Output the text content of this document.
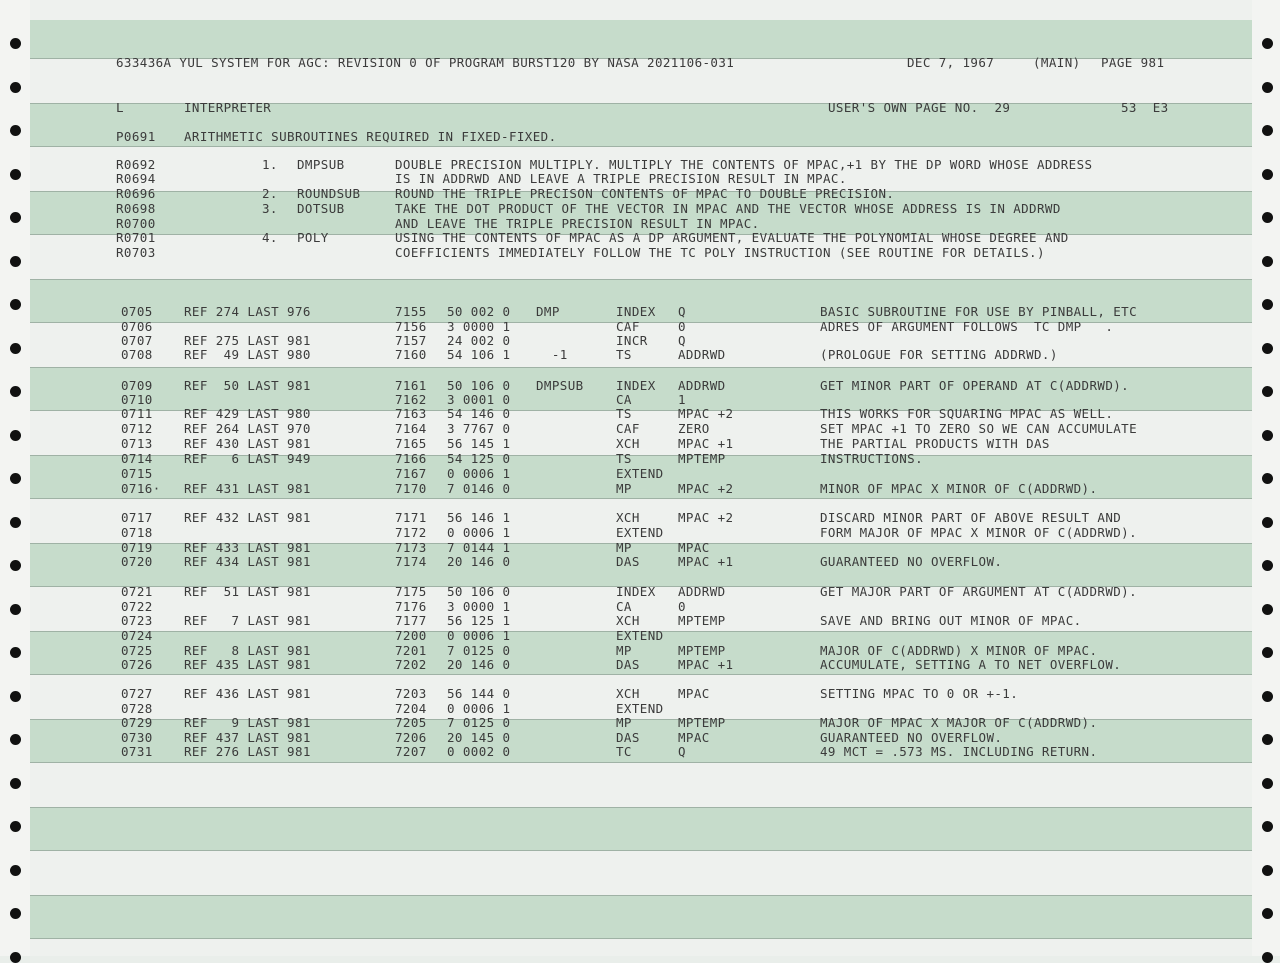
633436A YUL SYSTEM FOR AGC: REVISION 0 OF PROGRAM BURST120 BY NASA 2021106-031	DEC 7, 1967	(MAIN) PAGE 981
L	INTERPRETER	USER'S OWN PAGE NO.  29	53  E3
P0691 ARITHMETIC SUBROUTINES REQUIRED IN FIXED-FIXED.
R0692	1. DMPSUB	DOUBLE PRECISION MULTIPLY. MULTIPLY THE CONTENTS OF MPAC,+1 BY THE DP WORD WHOSE ADDRESS
R0694	IS IN ADDRWD AND LEAVE A TRIPLE PRECISION RESULT IN MPAC.
R0696	2. ROUNDSUB	ROUND THE TRIPLE PRECISON CONTENTS OF MPAC TO DOUBLE PRECISION.
R0698	3. DOTSUB	TAKE THE DOT PRODUCT OF THE VECTOR IN MPAC AND THE VECTOR WHOSE ADDRESS IS IN ADDRWD
R0700	AND LEAVE THE TRIPLE PRECISION RESULT IN MPAC.
R0701	4. POLY	USING THE CONTENTS OF MPAC AS A DP ARGUMENT, EVALUATE THE POLYNOMIAL WHOSE DEGREE AND
R0703	COEFFICIENTS IMMEDIATELY FOLLOW THE TC POLY INSTRUCTION (SEE ROUTINE FOR DETAILS.)
0705	REF 274 LAST 976	7155 50 002 0 DMP	INDEX Q	BASIC SUBROUTINE FOR USE BY PINBALL, ETC
0706	7156 3 0000 1	CAF	0	ADRES OF ARGUMENT FOLLOWS  TC DMP   .
0707	REF 275 LAST 981	7157 24 002 0	INCR Q
0708	REF  49 LAST 980	7160 54 106 1 -1	TS	ADDRWD	(PROLOGUE FOR SETTING ADDRWD.)
0709	REF  50 LAST 981	7161 50 106 0 DMPSUB	INDEX ADDRWD	GET MINOR PART OF OPERAND AT C(ADDRWD).
0710	7162 3 0001 0	CA	1
0711	REF 429 LAST 980	7163 54 146 0	TS	MPAC +2	THIS WORKS FOR SQUARING MPAC AS WELL.
0712	REF 264 LAST 970	7164 3 7767 0	CAF	ZERO	SET MPAC +1 TO ZERO SO WE CAN ACCUMULATE
0713	REF 430 LAST 981	7165 56 145 1	XCH	MPAC +1	THE PARTIAL PRODUCTS WITH DAS
0714	REF   6 LAST 949	7166 54 125 0	TS	MPTEMP	INSTRUCTIONS.
0715	7167 0 0006 1	EXTEND
0716· REF 431 LAST 981	7170 7 0146 0	MP	MPAC +2	MINOR OF MPAC X MINOR OF C(ADDRWD).
0717	REF 432 LAST 981	7171 56 146 1	XCH	MPAC +2	DISCARD MINOR PART OF ABOVE RESULT AND
0718	7172 0 0006 1	EXTEND	FORM MAJOR OF MPAC X MINOR OF C(ADDRWD).
0719	REF 433 LAST 981	7173 7 0144 1	MP	MPAC
0720	REF 434 LAST 981	7174 20 146 0	DAS	MPAC +1	GUARANTEED NO OVERFLOW.
0721	REF  51 LAST 981	7175 50 106 0	INDEX ADDRWD	GET MAJOR PART OF ARGUMENT AT C(ADDRWD).
0722	7176 3 0000 1	CA	0
0723	REF   7 LAST 981	7177 56 125 1	XCH	MPTEMP	SAVE AND BRING OUT MINOR OF MPAC.
0724	7200 0 0006 1	EXTEND
0725	REF   8 LAST 981	7201 7 0125 0	MP	MPTEMP	MAJOR OF C(ADDRWD) X MINOR OF MPAC.
0726	REF 435 LAST 981	7202 20 146 0	DAS	MPAC +1	ACCUMULATE, SETTING A TO NET OVERFLOW.
0727	REF 436 LAST 981	7203 56 144 0	XCH	MPAC	SETTING MPAC TO 0 OR +-1.
0728	7204 0 0006 1	EXTEND
0729	REF   9 LAST 981	7205 7 0125 0	MP	MPTEMP	MAJOR OF MPAC X MAJOR OF C(ADDRWD).
0730	REF 437 LAST 981	7206 20 145 0	DAS	MPAC	GUARANTEED NO OVERFLOW.
0731	REF 276 LAST 981	7207 0 0002 0	TC	Q	49 MCT = .573 MS. INCLUDING RETURN.
